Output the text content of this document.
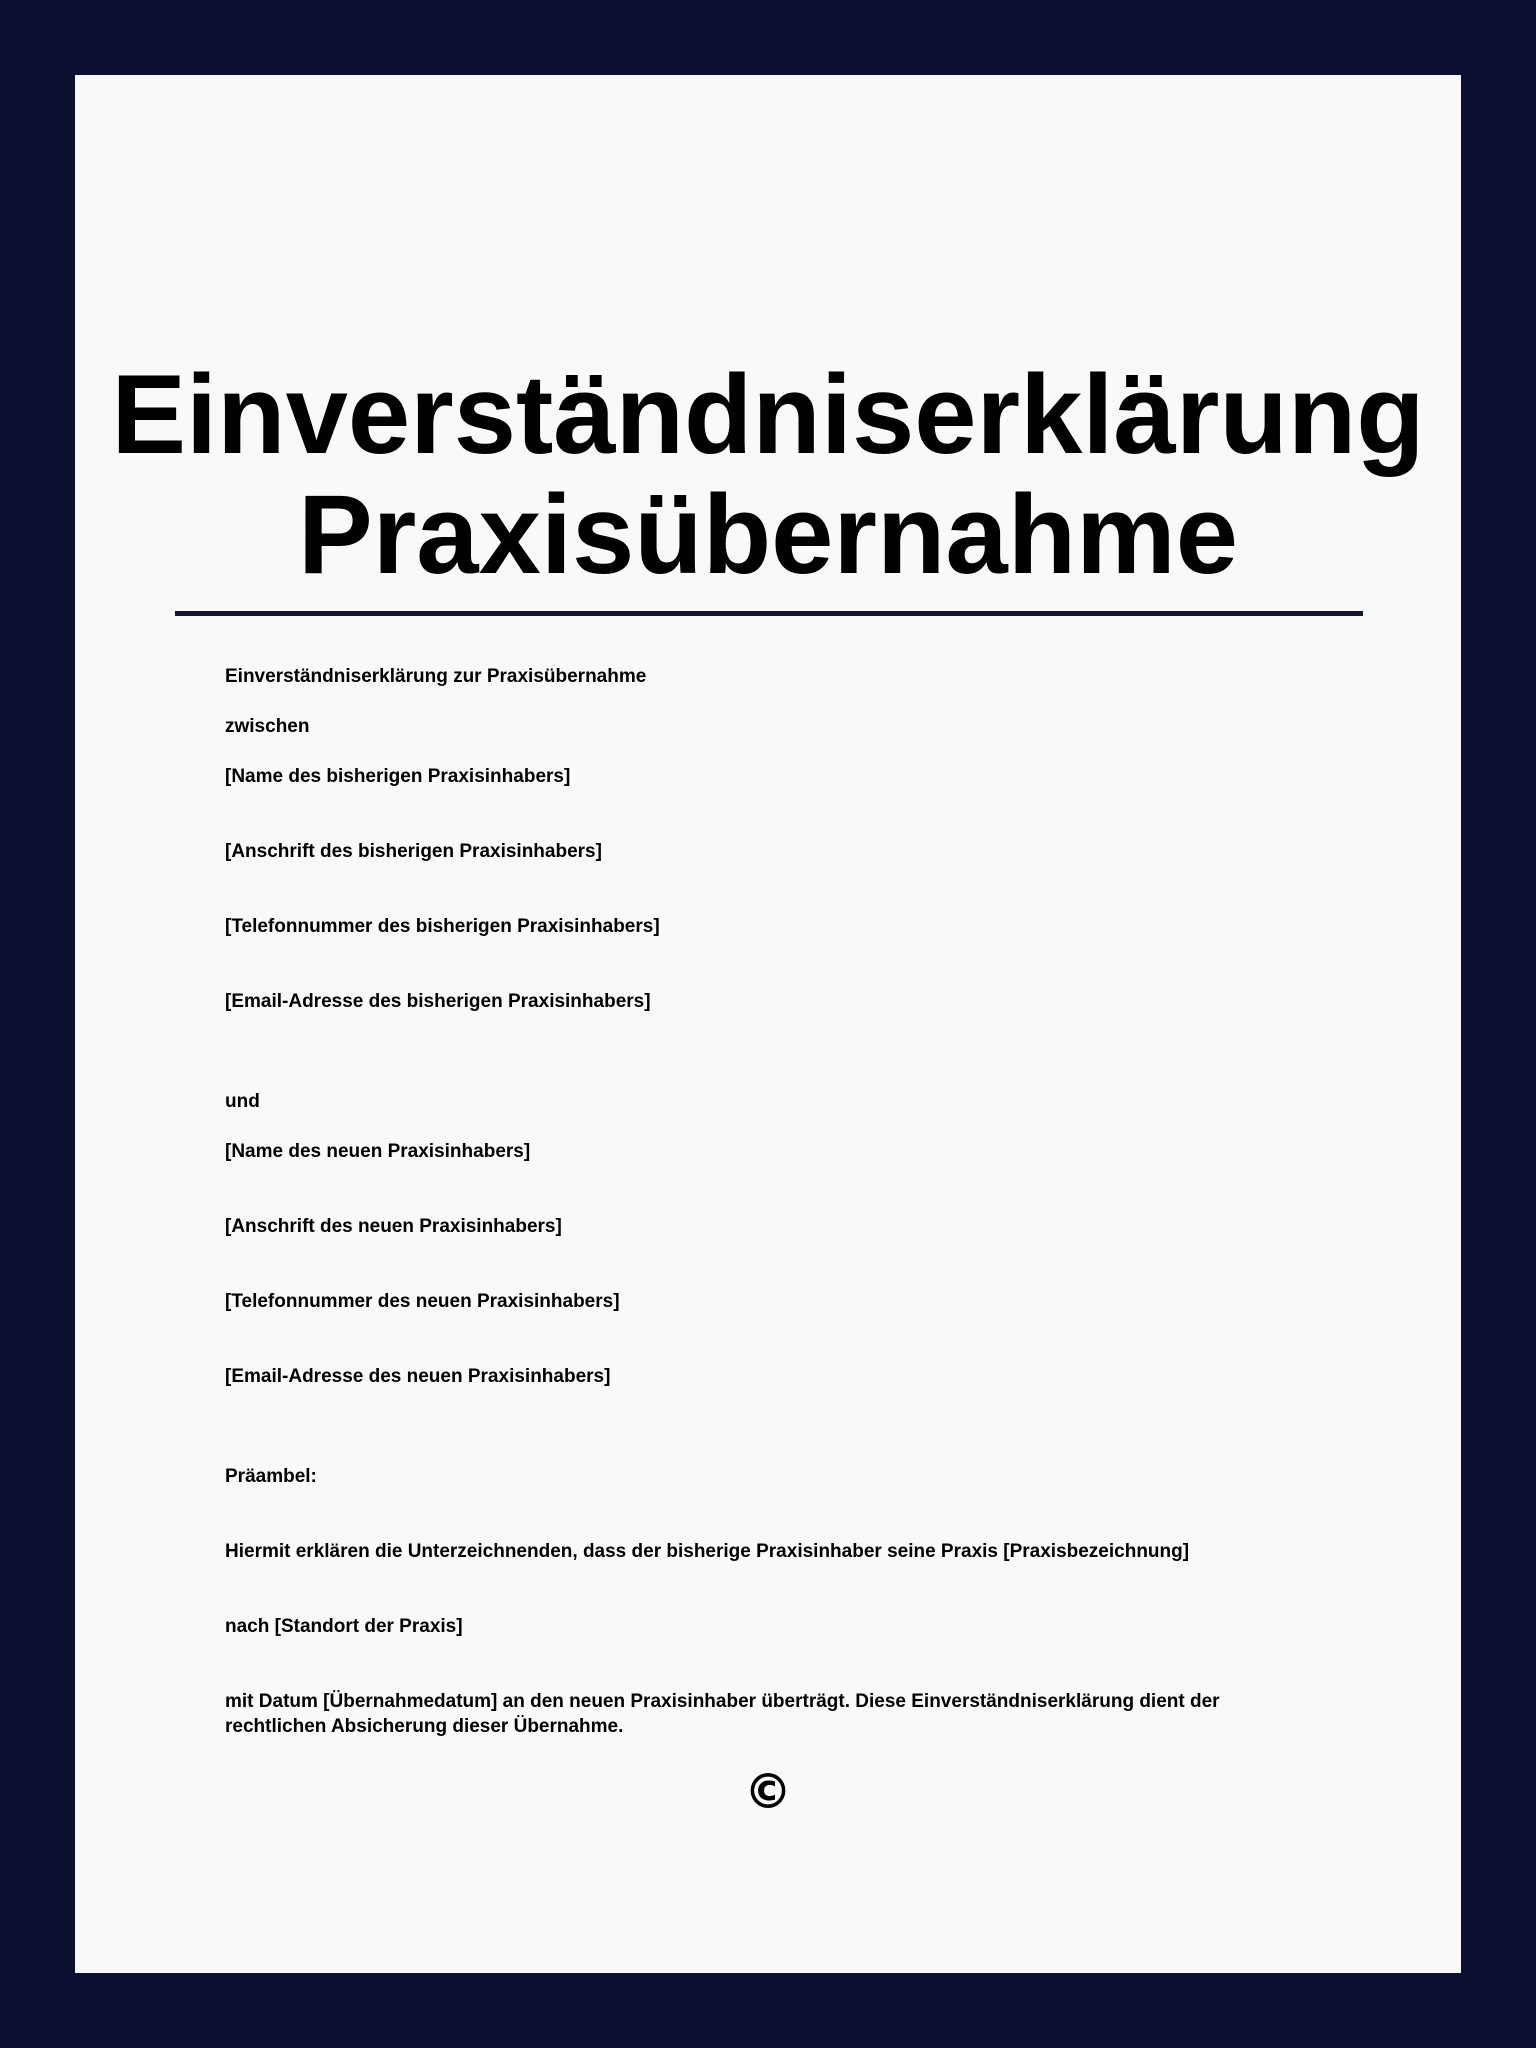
Einverständniserklärung
Praxisübernahme
Einverständniserklärung zur Praxisübernahme
zwischen
[Name des bisherigen Praxisinhabers]
[Anschrift des bisherigen Praxisinhabers]
[Telefonnummer des bisherigen Praxisinhabers]
[Email-Adresse des bisherigen Praxisinhabers]
und
[Name des neuen Praxisinhabers]
[Anschrift des neuen Praxisinhabers]
[Telefonnummer des neuen Praxisinhabers]
[Email-Adresse des neuen Praxisinhabers]
Präambel:
Hiermit erklären die Unterzeichnenden, dass der bisherige Praxisinhaber seine Praxis [Praxisbezeichnung]
nach [Standort der Praxis]
mit Datum [Übernahmedatum] an den neuen Praxisinhaber überträgt. Diese Einverständniserklärung dient der rechtlichen Absicherung dieser Übernahme.
©
